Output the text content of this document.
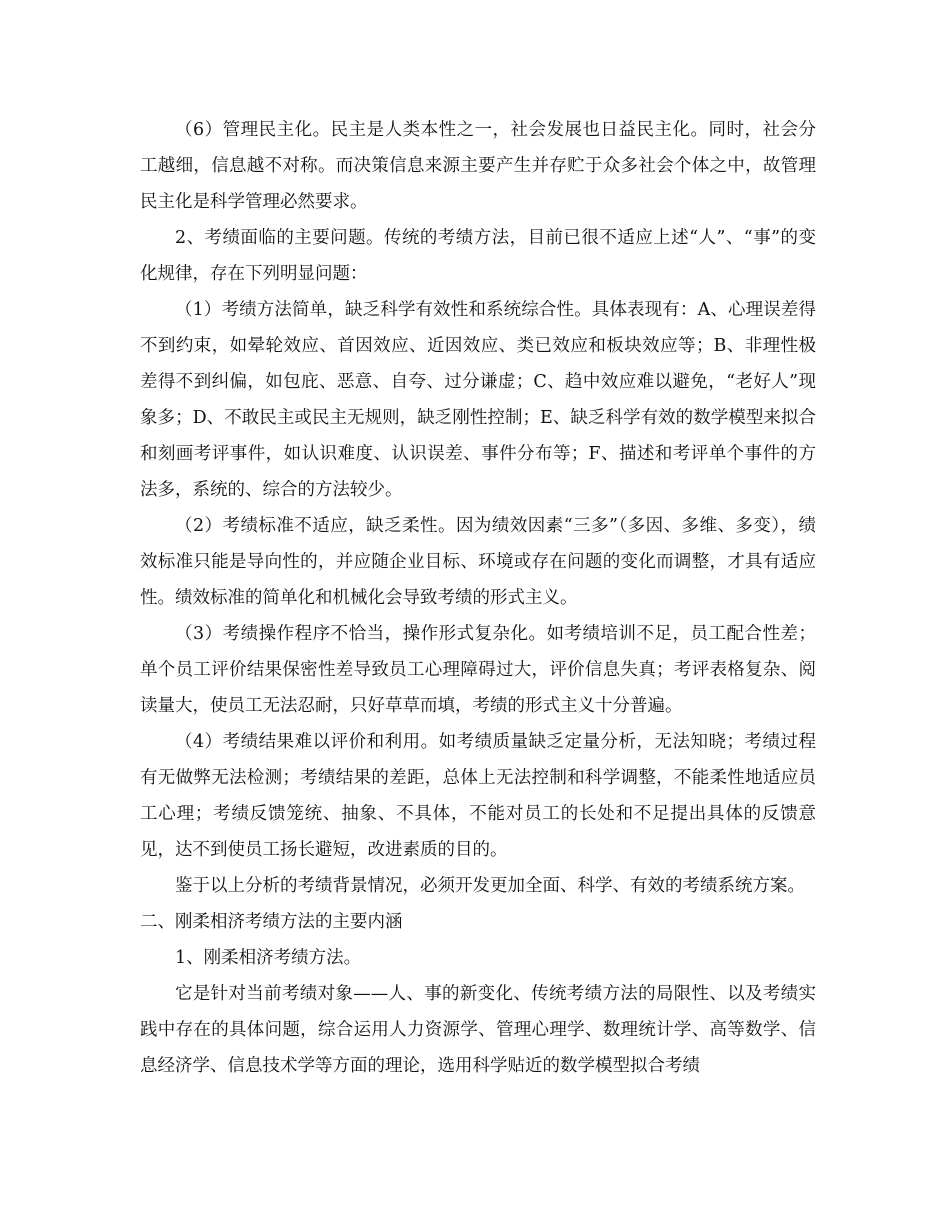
（6）管理民主化。民主是人类本性之一，社会发展也日益民主化。同时，社会分工越细，信息越不对称。而决策信息来源主要产生并存贮于众多社会个体之中，故管理民主化是科学管理必然要求。

2、考绩面临的主要问题。传统的考绩方法，目前已很不适应上述“人”、“事”的变化规律，存在下列明显问题：

（1）考绩方法简单，缺乏科学有效性和系统综合性。具体表现有：A、心理误差得不到约束，如晕轮效应、首因效应、近因效应、类已效应和板块效应等；B、非理性极差得不到纠偏，如包庇、恶意、自夸、过分谦虚；C、趋中效应难以避免，“老好人”现象多；D、不敢民主或民主无规则，缺乏刚性控制；E、缺乏科学有效的数学模型来拟合和刻画考评事件，如认识难度、认识误差、事件分布等；F、描述和考评单个事件的方法多，系统的、综合的方法较少。

（2）考绩标准不适应，缺乏柔性。因为绩效因素“三多”（多因、多维、多变），绩效标准只能是导向性的，并应随企业目标、环境或存在问题的变化而调整，才具有适应性。绩效标准的简单化和机械化会导致考绩的形式主义。

（3）考绩操作程序不恰当，操作形式复杂化。如考绩培训不足，员工配合性差；单个员工评价结果保密性差导致员工心理障碍过大，评价信息失真；考评表格复杂、阅读量大，使员工无法忍耐，只好草草而填，考绩的形式主义十分普遍。

（4）考绩结果难以评价和利用。如考绩质量缺乏定量分析，无法知晓；考绩过程有无做弊无法检测；考绩结果的差距，总体上无法控制和科学调整，不能柔性地适应员工心理；考绩反馈笼统、抽象、不具体，不能对员工的长处和不足提出具体的反馈意见，达不到使员工扬长避短，改进素质的目的。

鉴于以上分析的考绩背景情况，必须开发更加全面、科学、有效的考绩系统方案。

二、刚柔相济考绩方法的主要内涵

1、刚柔相济考绩方法。

它是针对当前考绩对象——人、事的新变化、传统考绩方法的局限性、以及考绩实践中存在的具体问题，综合运用人力资源学、管理心理学、数理统计学、高等数学、信息经济学、信息技术学等方面的理论，选用科学贴近的数学模型拟合考绩
